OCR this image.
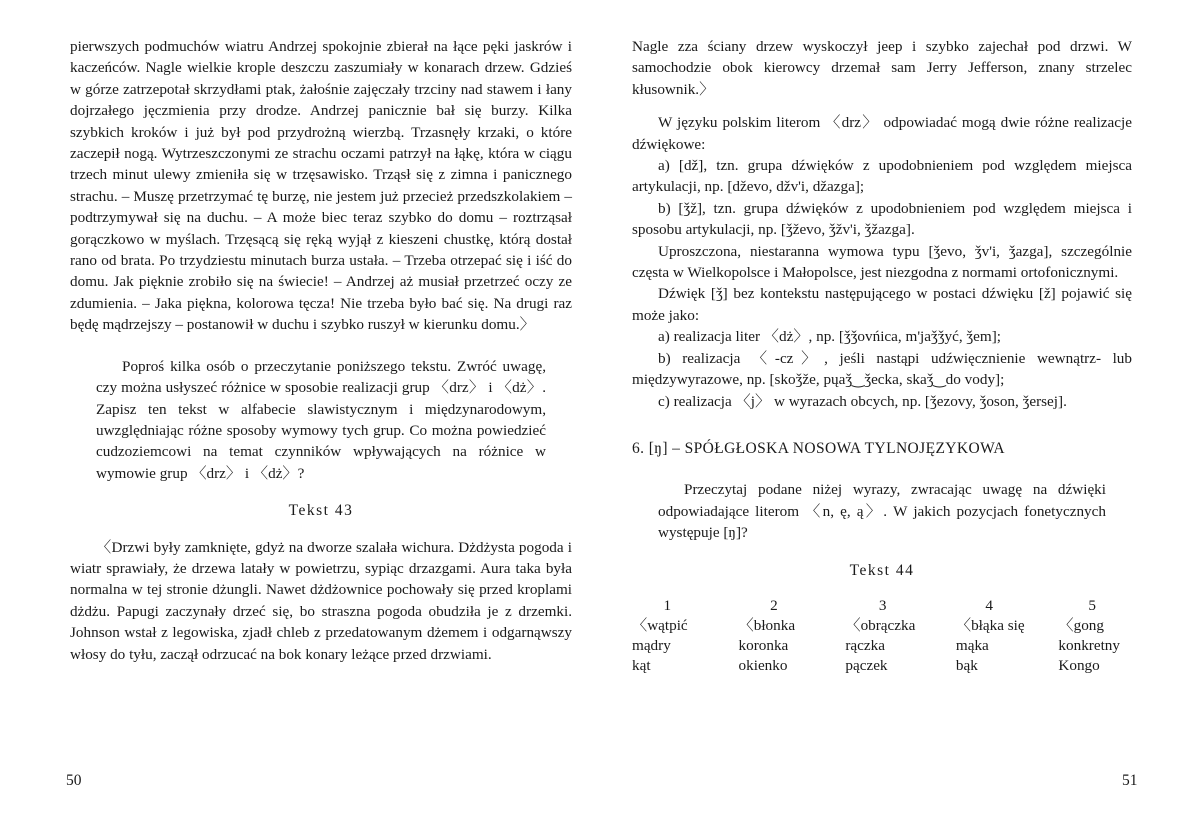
pierwszych podmuchów wiatru Andrzej spokojnie zbierał na łące pęki jaskrów i kaczeńców. Nagle wielkie krople deszczu zaszumiały w konarach drzew. Gdzieś w górze zatrzepotał skrzydłami ptak, żałośnie zajęczały trzciny nad stawem i łany dojrzałego jęczmienia przy drodze. Andrzej panicznie bał się burzy. Kilka szybkich kroków i już był pod przydrożną wierzbą. Trzasnęły krzaki, o które zaczepił nogą. Wytrzeszczonymi ze strachu oczami patrzył na łąkę, która w ciągu trzech minut ulewy zmieniła się w trzęsawisko. Trząsł się z zimna i panicznego strachu. – Muszę przetrzymać tę burzę, nie jestem już przecież przedszkolakiem – podtrzymywał się na duchu. – A może biec teraz szybko do domu – roztrząsał gorączkowo w myślach. Trzęsącą się ręką wyjął z kieszeni chustkę, którą dostał rano od brata. Po trzydziestu minutach burza ustała. – Trzeba otrzepać się i iść do domu. Jak pięknie zrobiło się na świecie! – Andrzej aż musiał przetrzeć oczy ze zdumienia. – Jaka piękna, kolorowa tęcza! Nie trzeba było bać się. Na drugi raz będę mądrzejszy – postanowił w duchu i szybko ruszył w kierunku domu.〉

Poproś kilka osób o przeczytanie poniższego tekstu. Zwróć uwagę, czy można usłyszeć różnice w sposobie realizacji grup 〈drz〉 i 〈dż〉. Zapisz ten tekst w alfabecie slawistycznym i międzynarodowym, uwzględniając różne sposoby wymowy tych grup. Co można powiedzieć cudzoziemcowi na temat czynników wpływających na różnice w wymowie grup 〈drz〉 i 〈dż〉?

Tekst 43

〈Drzwi były zamknięte, gdyż na dworze szalała wichura. Dżdżysta pogoda i wiatr sprawiały, że drzewa latały w powietrzu, sypiąc drzazgami. Aura taka była normalna w tej stronie dżungli. Nawet dżdżownice pochowały się przed kroplami dżdżu. Papugi zaczynały drzeć się, bo straszna pogoda obudziła je z drzemki. Johnson wstał z legowiska, zjadł chleb z przedatowanym dżemem i odgarnąwszy włosy do tyłu, zaczął odrzucać na bok konary leżące przed drzwiami.

50

Nagle zza ściany drzew wyskoczył jeep i szybko zajechał pod drzwi. W samochodzie obok kierowcy drzemał sam Jerry Jefferson, znany strzelec kłusownik.〉

W języku polskim literom 〈drz〉 odpowiadać mogą dwie różne realizacje dźwiękowe:

a) [dž], tzn. grupa dźwięków z upodobnieniem pod względem miejsca artykulacji, np. [dževo, džv'i, džazga];

b) [ǯž], tzn. grupa dźwięków z upodobnieniem pod względem miejsca i sposobu artykulacji, np. [ǯževo, ǯžv'i, ǯžazga].

Uproszczona, niestaranna wymowa typu [ǯevo, ǯv'i, ǯazga], szczególnie częsta w Wielkopolsce i Małopolsce, jest niezgodna z normami ortofonicznymi.

Dźwięk [ǯ] bez kontekstu następującego w postaci dźwięku [ž] pojawić się może jako:

a) realizacja liter 〈dż〉, np. [ǯǯovńica, m'jaǯǯyć, ǯem];

b) realizacja 〈-cz〉, jeśli nastąpi udźwięcznienie wewnątrz- lub międzywyrazowe, np. [skoǯže, pųaǯ‿ǯecka, skaǯ‿do vody];

c) realizacja 〈j〉 w wyrazach obcych, np. [ǯezovy, ǯoson, ǯersej].

6. [ŋ] – SPÓŁGŁOSKA NOSOWA TYLNOJĘZYKOWA

Przeczytaj podane niżej wyrazy, zwracając uwagę na dźwięki odpowiadające literom 〈n, ę, ą〉. W jakich pozycjach fonetycznych występuje [ŋ]?

Tekst 44
1	2	3	4	5
〈wątpić	〈błonka	〈obrączka	〈błąka się	〈gong
mądry	koronka	rączka	mąka	konkretny
kąt	okienko	pączek	bąk	Kongo
51
